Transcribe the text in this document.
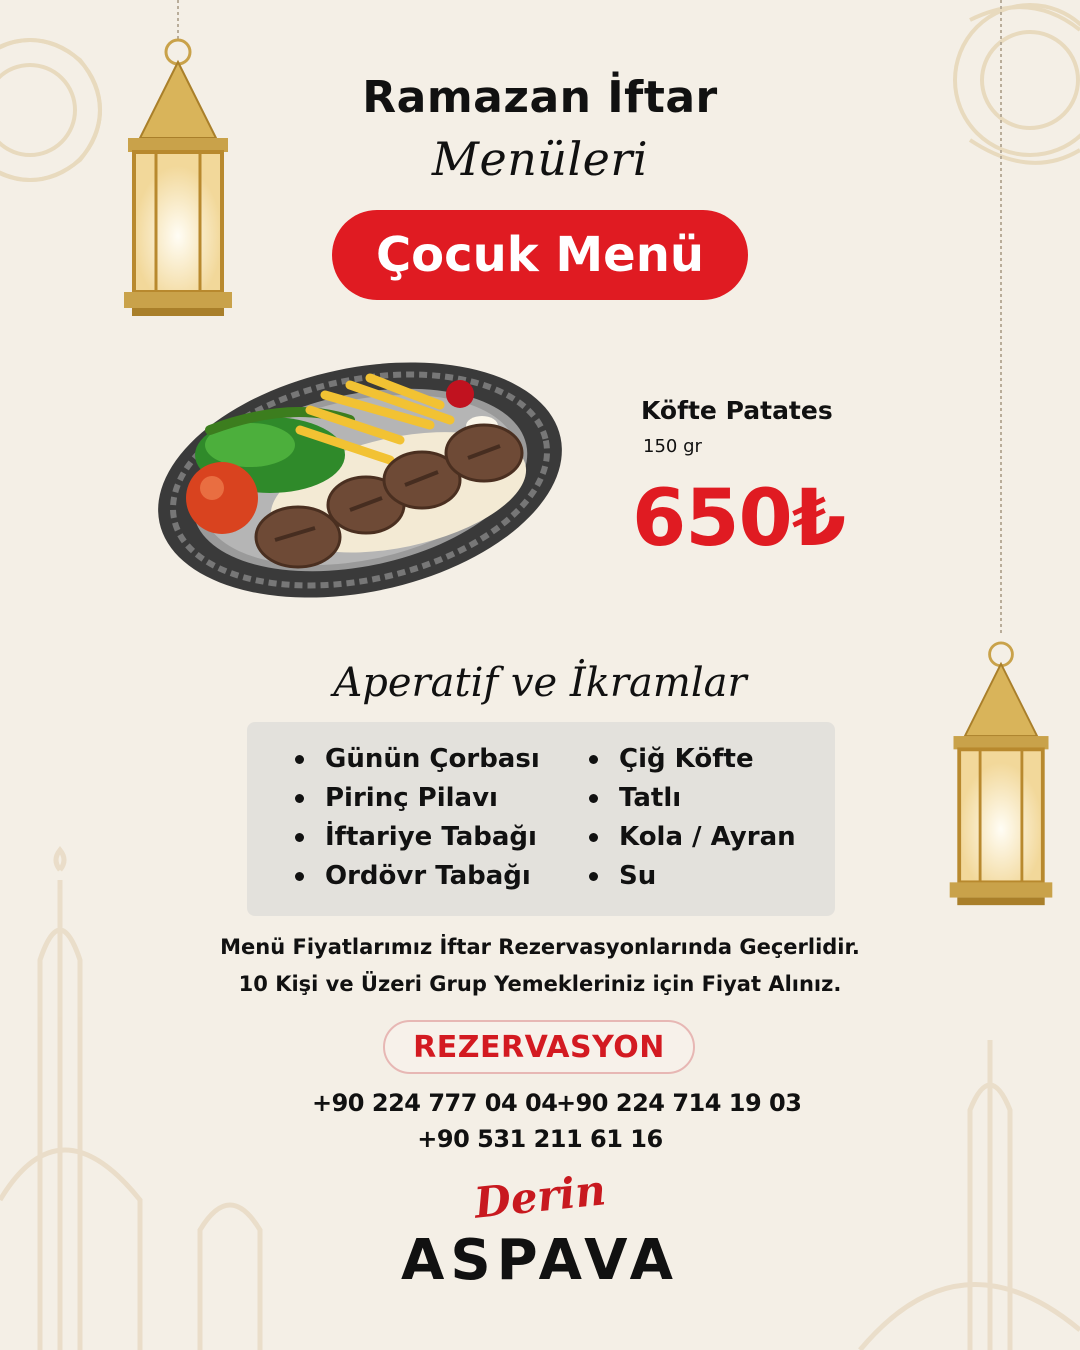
Ramazan İftar
Menüleri
Çocuk Menü
Köfte Patates
150 gr
650₺
Aperatif ve İkramlar
Günün Çorbası
Pirinç Pilavı
İftariye Tabağı
Ordövr Tabağı
Çiğ Köfte
Tatlı
Kola / Ayran
Su
Menü Fiyatlarımız İftar Rezervasyonlarında Geçerlidir.
10 Kişi ve Üzeri Grup Yemekleriniz için Fiyat Alınız.
REZERVASYON
+90 224 777 04 04
+90 224 714 19 03
+90 531 211 61 16
Derin
ASPAVA
